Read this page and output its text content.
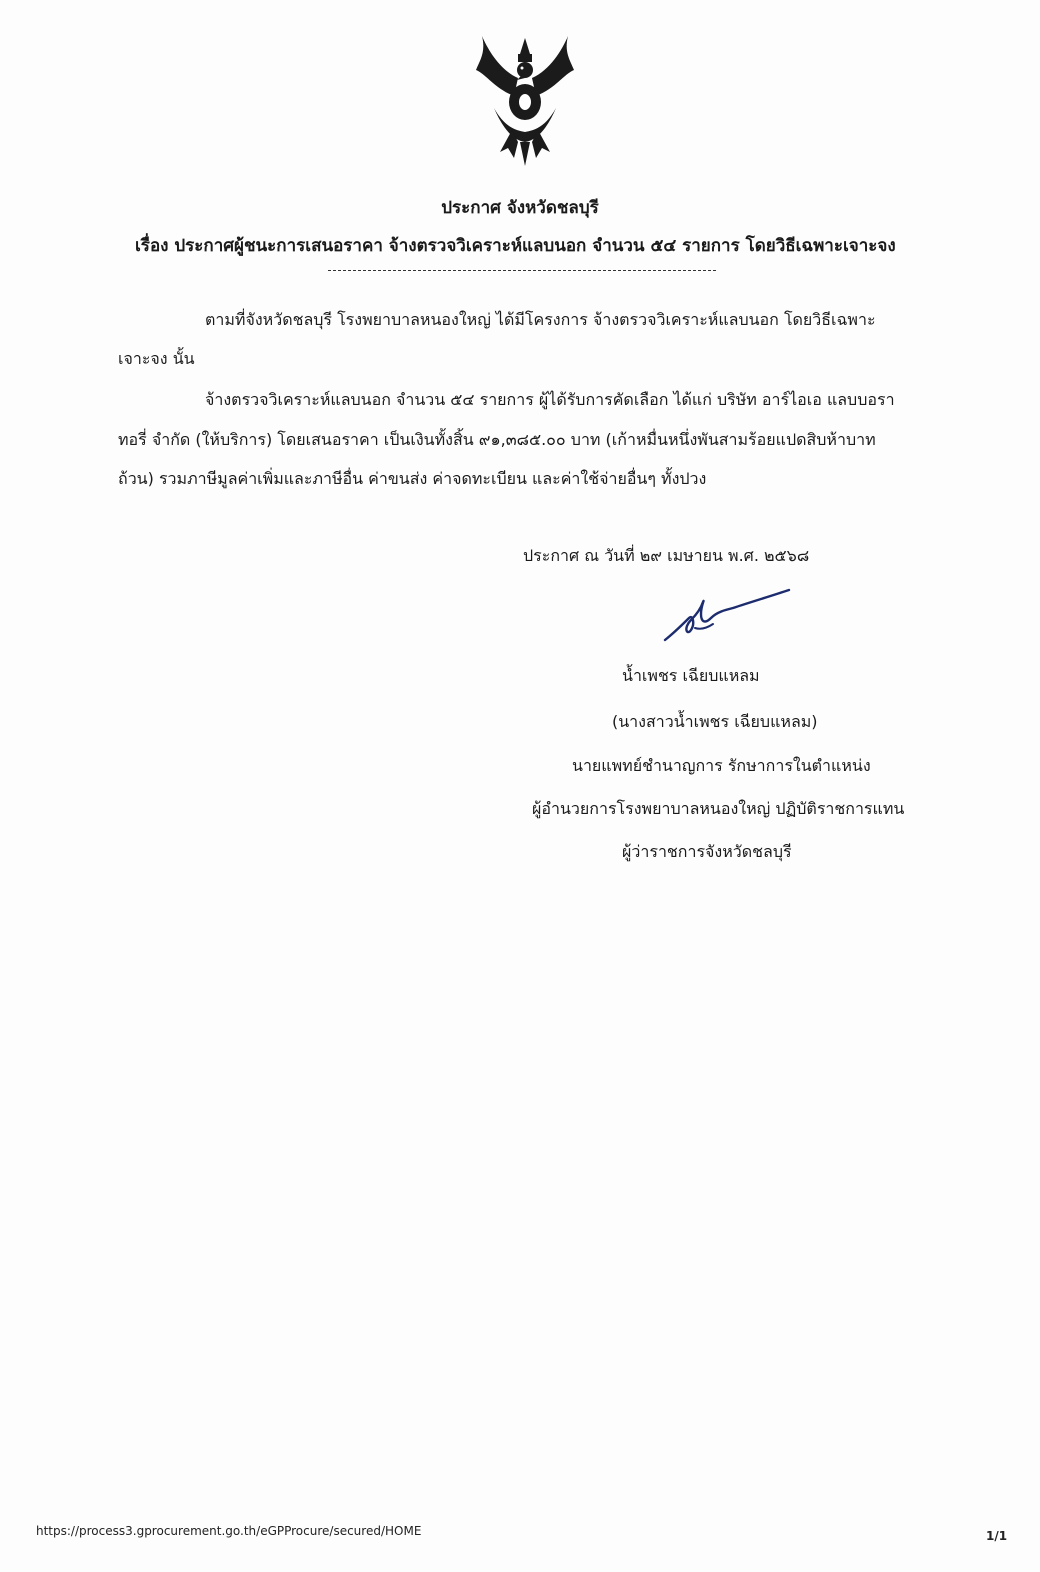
ประกาศ จังหวัดชลบุรี
เรื่อง ประกาศผู้ชนะการเสนอราคา จ้างตรวจวิเคราะห์แลบนอก จำนวน ๕๔ รายการ โดยวิธีเฉพาะเจาะจง
ตามที่จังหวัดชลบุรี โรงพยาบาลหนองใหญ่ ได้มีโครงการ จ้างตรวจวิเคราะห์แลบนอก โดยวิธีเฉพาะ
เจาะจง นั้น
จ้างตรวจวิเคราะห์แลบนอก จำนวน ๕๔ รายการ ผู้ได้รับการคัดเลือก ได้แก่ บริษัท อาร์ไอเอ แลบบอรา
ทอรี่ จำกัด (ให้บริการ) โดยเสนอราคา เป็นเงินทั้งสิ้น ๙๑,๓๘๕.๐๐ บาท (เก้าหมื่นหนึ่งพันสามร้อยแปดสิบห้าบาท
ถ้วน) รวมภาษีมูลค่าเพิ่มและภาษีอื่น ค่าขนส่ง ค่าจดทะเบียน และค่าใช้จ่ายอื่นๆ ทั้งปวง
ประกาศ ณ วันที่ ๒๙ เมษายน พ.ศ. ๒๕๖๘
น้ำเพชร เฉียบแหลม
(นางสาวน้ำเพชร เฉียบแหลม)
นายแพทย์ชำนาญการ รักษาการในตำแหน่ง
ผู้อำนวยการโรงพยาบาลหนองใหญ่ ปฏิบัติราชการแทน
ผู้ว่าราชการจังหวัดชลบุรี
https://process3.gprocurement.go.th/eGPProcure/secured/HOME	1/1
